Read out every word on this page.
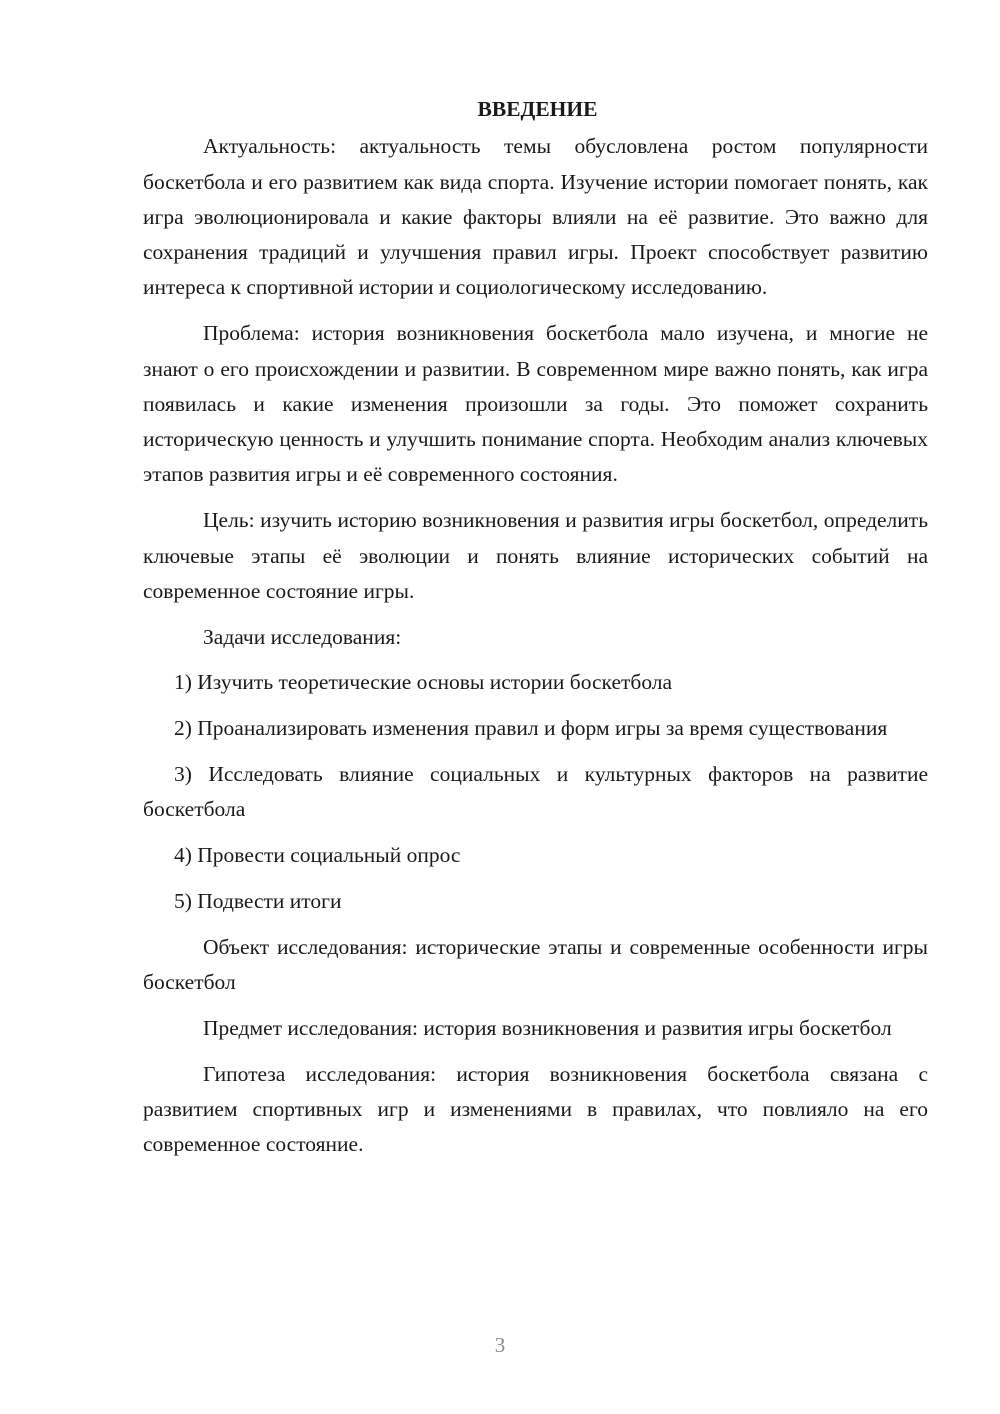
ВВЕДЕНИЕ

Актуальность: актуальность темы обусловлена ростом популярности боскетбола и его развитием как вида спорта. Изучение истории помогает понять, как игра эволюционировала и какие факторы влияли на её развитие. Это важно для сохранения традиций и улучшения правил игры. Проект способствует развитию интереса к спортивной истории и социологическому исследованию.

Проблема: история возникновения боскетбола мало изучена, и многие не знают о его происхождении и развитии. В современном мире важно понять, как игра появилась и какие изменения произошли за годы. Это поможет сохранить историческую ценность и улучшить понимание спорта. Необходим анализ ключевых этапов развития игры и её современного состояния.

Цель: изучить историю возникновения и развития игры боскетбол, определить ключевые этапы её эволюции и понять влияние исторических событий на современное состояние игры.

Задачи исследования:

1) Изучить теоретические основы истории боскетбола

2) Проанализировать изменения правил и форм игры за время существования

3) Исследовать влияние социальных и культурных факторов на развитие боскетбола

4) Провести социальный опрос

5) Подвести итоги

Объект исследования: исторические этапы и современные особенности игры боскетбол

Предмет исследования: история возникновения и развития игры боскетбол

Гипотеза исследования: история возникновения боскетбола связана с развитием спортивных игр и изменениями в правилах, что повлияло на его современное состояние.

3
